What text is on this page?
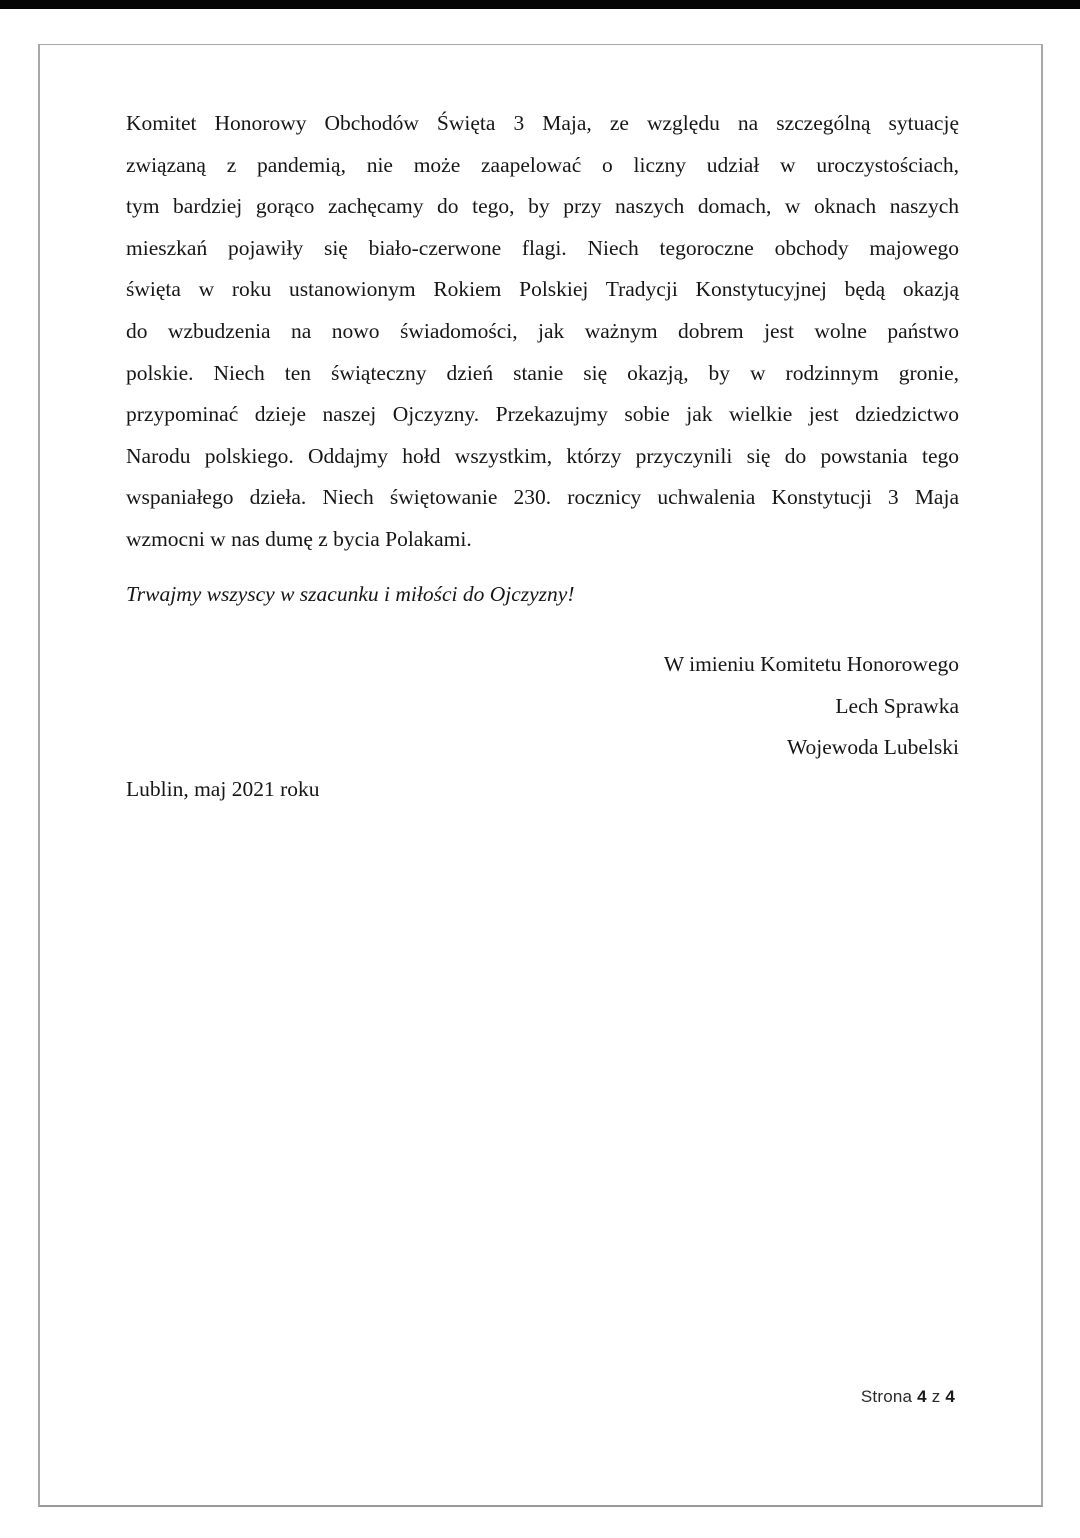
Komitet Honorowy Obchodów Święta 3 Maja, ze względu na szczególną sytuację
związaną z pandemią, nie może zaapelować o liczny udział w uroczystościach,
tym bardziej gorąco zachęcamy do tego, by przy naszych domach, w oknach naszych
mieszkań pojawiły się biało-czerwone flagi. Niech tegoroczne obchody majowego
święta w roku ustanowionym Rokiem Polskiej Tradycji Konstytucyjnej będą okazją
do wzbudzenia na nowo świadomości, jak ważnym dobrem jest wolne państwo
polskie. Niech ten świąteczny dzień stanie się okazją, by w rodzinnym gronie,
przypominać dzieje naszej Ojczyzny. Przekazujmy sobie jak wielkie jest dziedzictwo
Narodu polskiego. Oddajmy hołd wszystkim, którzy przyczynili się do powstania tego
wspaniałego dzieła. Niech świętowanie 230. rocznicy uchwalenia Konstytucji 3 Maja
wzmocni w nas dumę z bycia Polakami.
Trwajmy wszyscy w szacunku i miłości do Ojczyzny!
W imieniu Komitetu Honorowego
Lech Sprawka
Wojewoda Lubelski
Lublin, maj 2021 roku
Strona 4 z 4
